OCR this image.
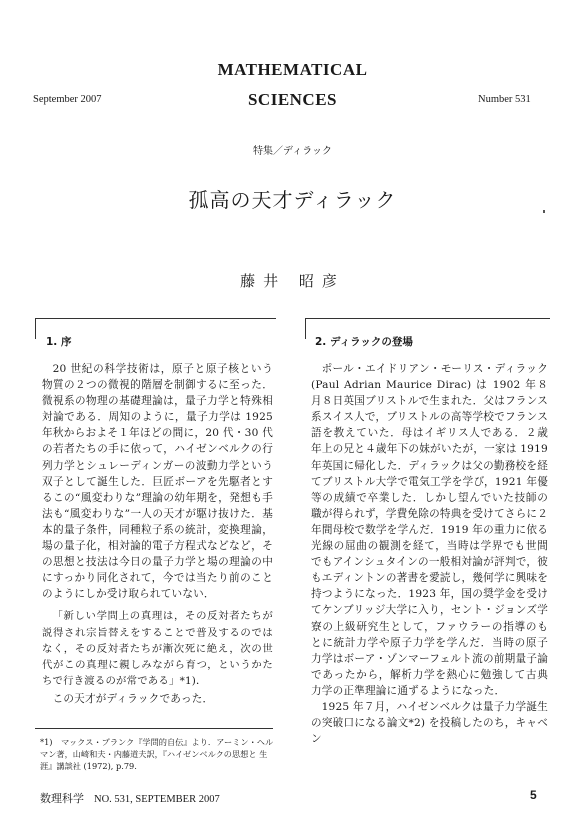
MATHEMATICAL
SCIENCES
September 2007	Number 531
特集／ディラック
孤高の天才ディラック
藤井 昭彦
1. 序

20 世紀の科学技術は，原子と原子核という物質の２つの微視的階層を制御するに至った．微視系の物理の基礎理論は，量子力学と特殊相対論である．周知のように，量子力学は 1925 年秋からおよそ１年ほどの間に，20 代・30 代の若者たちの手に依って，ハイゼンベルクの行列力学とシュレーディンガーの波動力学という双子として誕生した．巨匠ボーアを先駆者とするこの“風変わりな”理論の幼年期を，発想も手法も“風変わりな”一人の天才が駆け抜けた．基本的量子条件，同種粒子系の統計，変換理論，場の量子化，相対論的電子方程式などなど，その思想と技法は今日の量子力学と場の理論の中にすっかり同化されて，今では当たり前のことのようにしか受け取られていない．

「新しい学問上の真理は，その反対者たちが説得され宗旨替えをすることで普及するのではなく，その反対者たちが漸次死に絶え，次の世代がこの真理に親しみながら育つ，というかたちで行き渡るのが常である」*1)．

この天才がディラックであった．

2. ディラックの登場

ポール・エイドリアン・モーリス・ディラック (Paul Adrian Maurice Dirac) は 1902 年８月８日英国ブリストルで生まれた．父はフランス系スイス人で，ブリストルの高等学校でフランス語を教えていた．母はイギリス人である．２歳年上の兄と４歳年下の妹がいたが，一家は 1919 年英国に帰化した．ディラックは父の勤務校を経てブリストル大学で電気工学を学び，1921 年優等の成績で卒業した．しかし望んでいた技師の職が得られず，学費免除の特典を受けてさらに２年間母校で数学を学んだ．1919 年の重力に依る光線の屈曲の観測を経て，当時は学界でも世間でもアインシュタインの一般相対論が評判で，彼もエディントンの著書を愛読し，幾何学に興味を持つようになった．1923 年，国の奨学金を受けてケンブリッジ大学に入り，セント・ジョンズ学寮の上級研究生として，ファウラーの指導のもとに統計力学や原子力学を学んだ．当時の原子力学はボーア・ゾンマーフェルト流の前期量子論であったから，解析力学を熱心に勉強して古典力学の正準理論に通ずるようになった．

1925 年７月，ハイゼンベルクは量子力学誕生の突破口になる論文*2) を投稿したのち，キャベン

*1) マックス・プランク『学問的自伝』より．アーミン・ヘルマン著，山崎和夫・内藤道夫訳，『ハイゼンベルクの思想と 生涯』講談社 (1972), p.79.
数理科学 NO. 531, SEPTEMBER 2007	5
